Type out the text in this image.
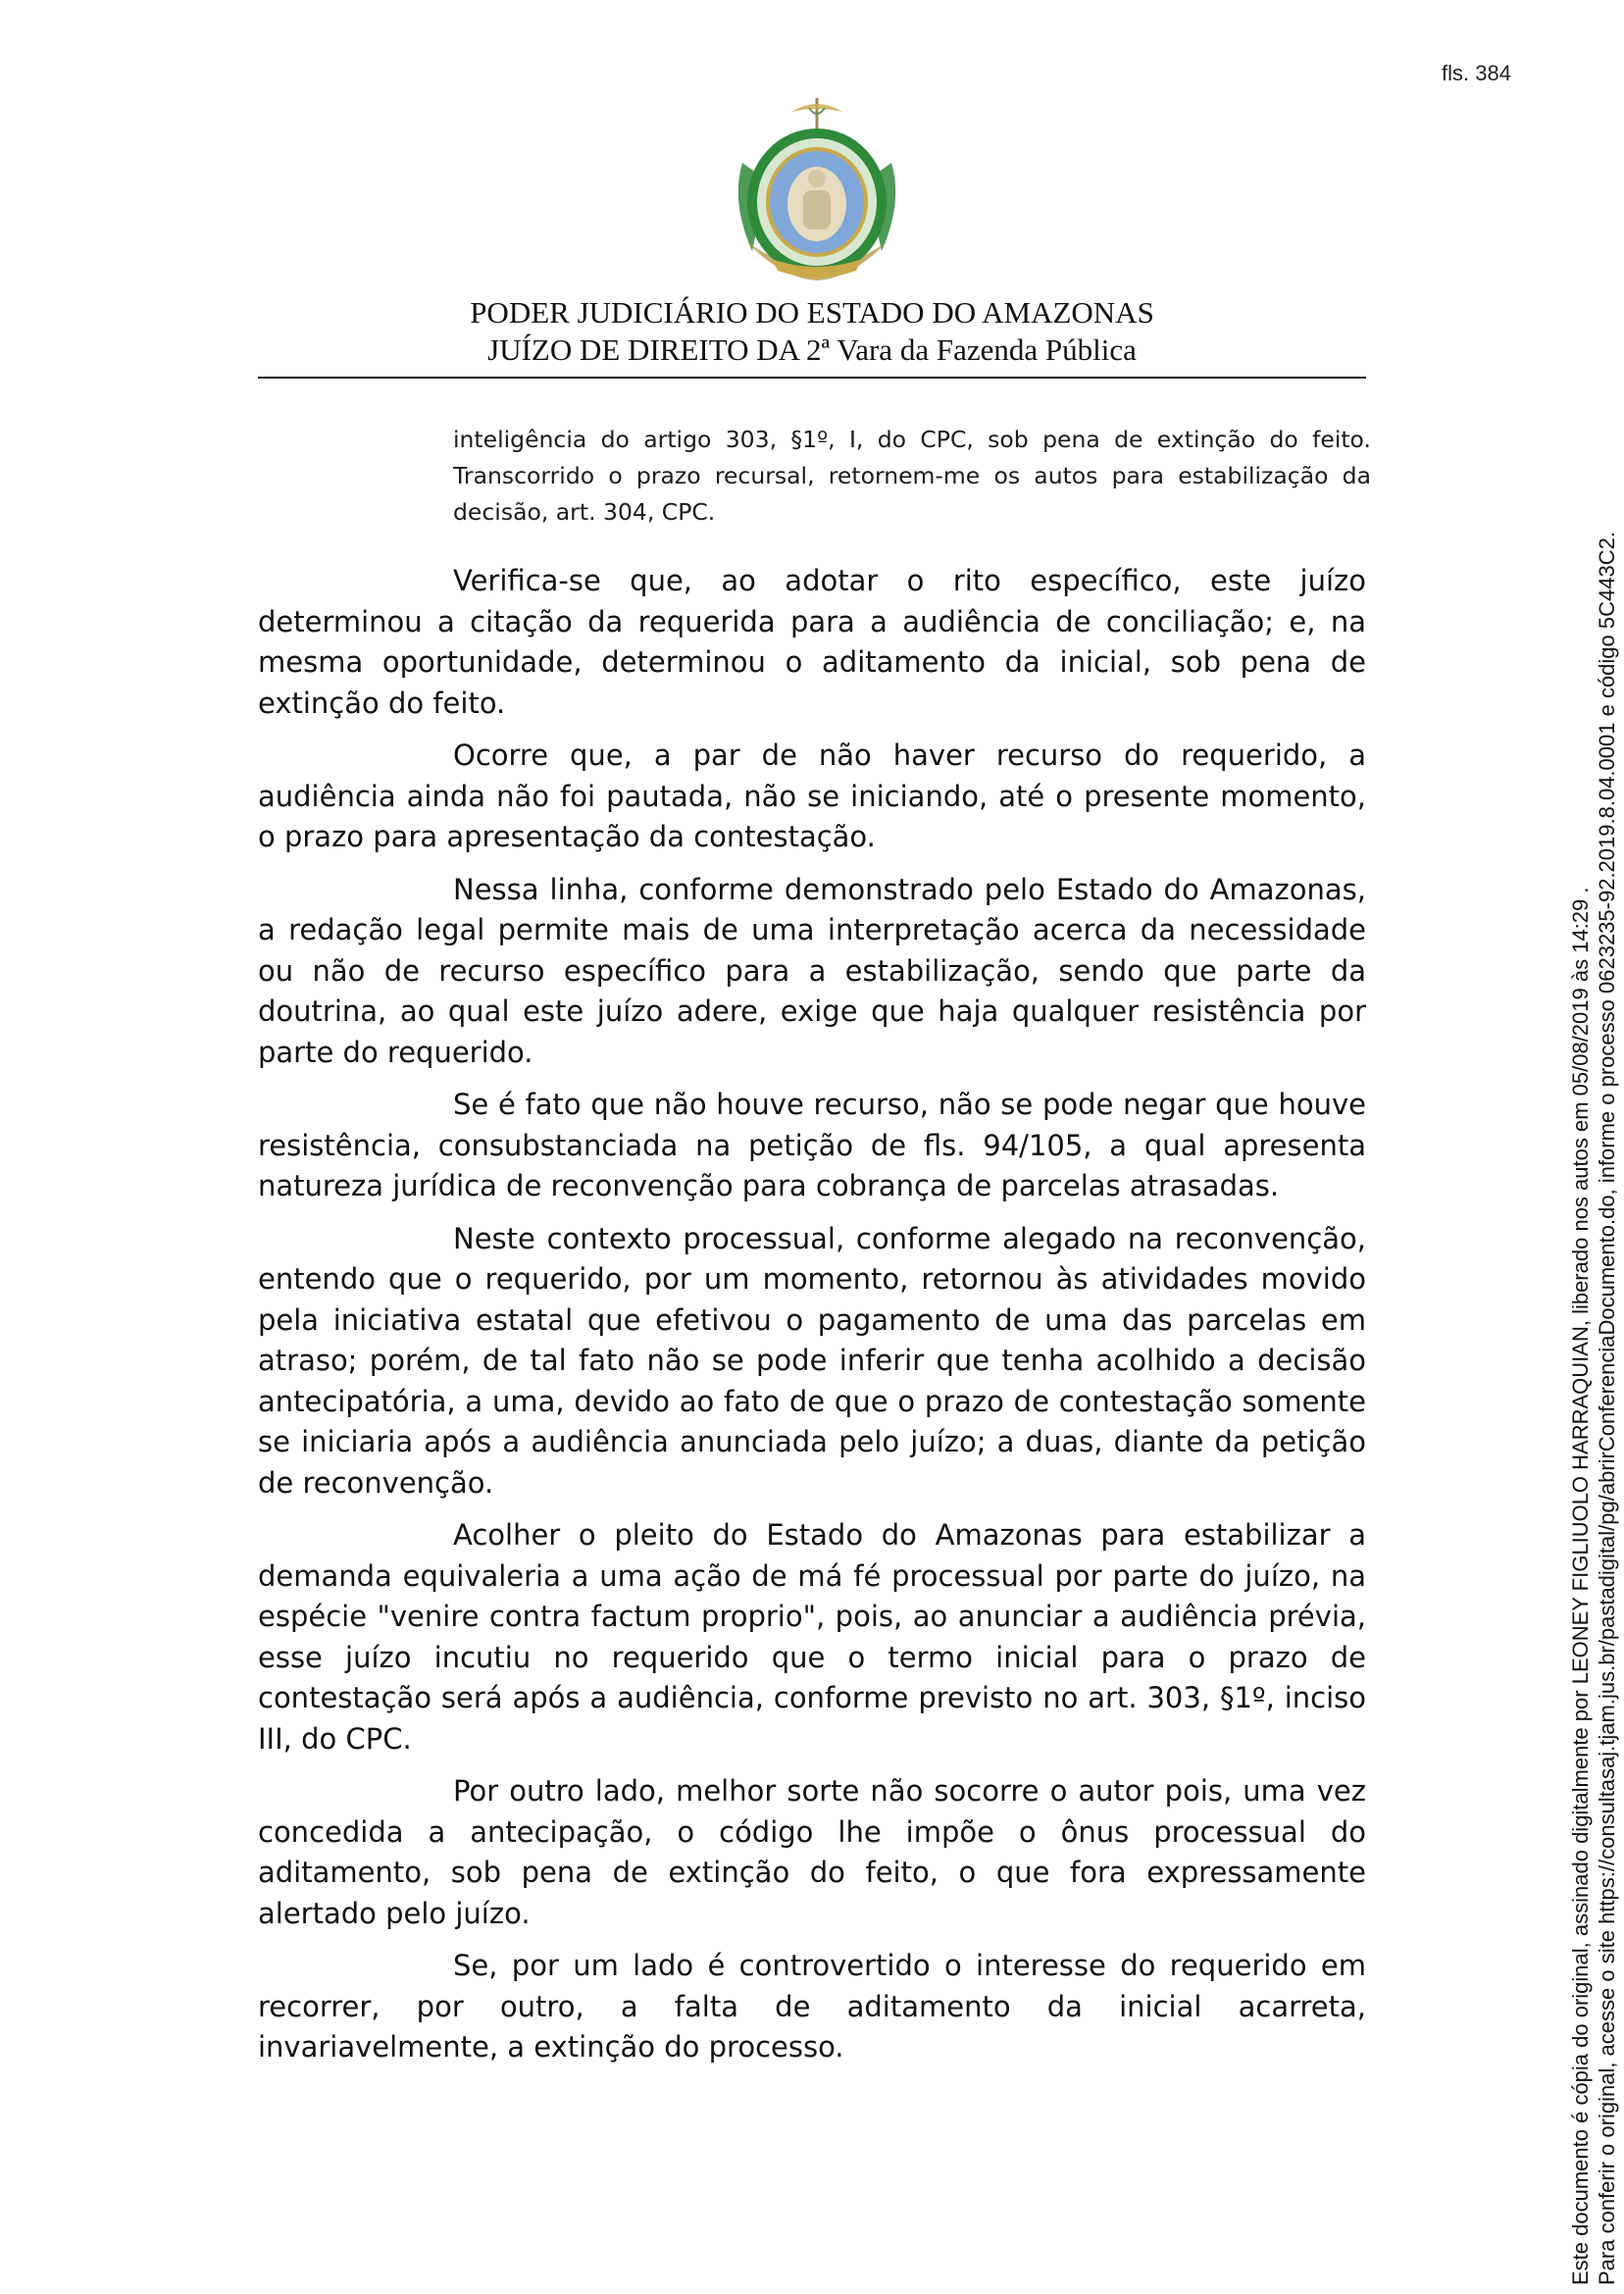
fls. 384
PODER JUDICIÁRIO DO ESTADO DO AMAZONAS
JUÍZO DE DIREITO DA 2ª Vara da Fazenda Pública
inteligência do artigo 303, §1º, I, do CPC, sob pena de extinção do feito. Transcorrido o prazo recursal, retornem-me os autos para estabilização da decisão, art. 304, CPC.

Verifica-se que, ao adotar o rito específico, este juízo determinou a citação da requerida para a audiência de conciliação; e, na mesma oportunidade, determinou o aditamento da inicial, sob pena de extinção do feito.

Ocorre que, a par de não haver recurso do requerido, a audiência ainda não foi pautada, não se iniciando, até o presente momento, o prazo para apresentação da contestação.

Nessa linha, conforme demonstrado pelo Estado do Amazonas, a redação legal permite mais de uma interpretação acerca da necessidade ou não de recurso específico para a estabilização, sendo que parte da doutrina, ao qual este juízo adere, exige que haja qualquer resistência por parte do requerido.

Se é fato que não houve recurso, não se pode negar que houve resistência, consubstanciada na petição de fls. 94/105, a qual apresenta natureza jurídica de reconvenção para cobrança de parcelas atrasadas.

Neste contexto processual, conforme alegado na reconvenção, entendo que o requerido, por um momento, retornou às atividades movido pela iniciativa estatal que efetivou o pagamento de uma das parcelas em atraso; porém, de tal fato não se pode inferir que tenha acolhido a decisão antecipatória, a uma, devido ao fato de que o prazo de contestação somente se iniciaria após a audiência anunciada pelo juízo; a duas, diante da petição de reconvenção.

Acolher o pleito do Estado do Amazonas para estabilizar a demanda equivaleria a uma ação de má fé processual por parte do juízo, na espécie "venire contra factum proprio", pois, ao anunciar a audiência prévia, esse juízo incutiu no requerido que o termo inicial para o prazo de contestação será após a audiência, conforme previsto no art. 303, §1º, inciso III, do CPC.

Por outro lado, melhor sorte não socorre o autor pois, uma vez concedida a antecipação, o código lhe impõe o ônus processual do aditamento, sob pena de extinção do feito, o que fora expressamente alertado pelo juízo.

Se, por um lado é controvertido o interesse do requerido em recorrer, por outro, a falta de aditamento da inicial acarreta, invariavelmente, a extinção do processo.	Este documento é cópia do original, assinado digitalmente por LEONEY FIGLIUOLO HARRAQUIAN, liberado nos autos em 05/08/2019 às 14:29 . Para conferir o original, acesse o site https://consultasaj.tjam.jus.br/pastadigital/pg/abrirConferenciaDocumento.do, informe o processo 0623235-92.2019.8.04.0001 e código 5C443C2.
